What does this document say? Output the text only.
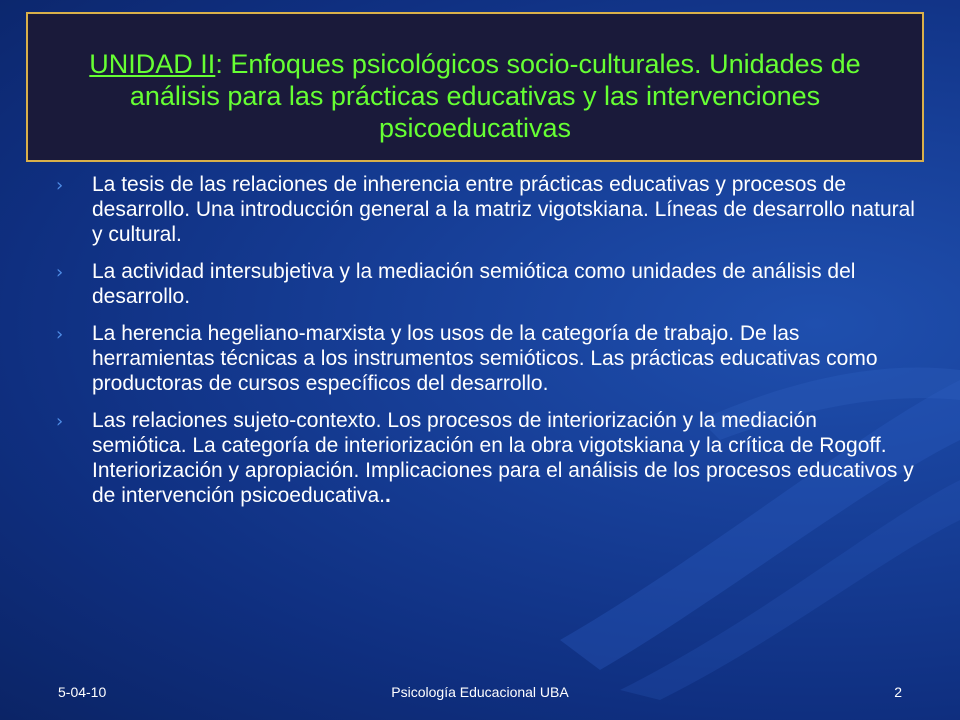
UNIDAD II: Enfoques psicológicos socio-culturales. Unidades de análisis para las prácticas educativas y las intervenciones psicoeducativas
› La tesis de las relaciones de inherencia entre prácticas educativas y procesos de desarrollo. Una introducción general a la matriz vigotskiana. Líneas de desarrollo natural y cultural.
› La actividad intersubjetiva y la mediación semiótica como unidades de análisis del desarrollo.
› La herencia hegeliano-marxista y los usos de la categoría de trabajo. De las herramientas técnicas a los instrumentos semióticos. Las prácticas educativas como productoras de cursos específicos del desarrollo.
› Las relaciones sujeto-contexto. Los procesos de interiorización y la mediación semiótica. La categoría de interiorización en la obra vigotskiana y la crítica de Rogoff. Interiorización y apropiación. Implicaciones para el análisis de los procesos educativos y de intervención psicoeducativa..
5-04-10	Psicología Educacional UBA	2
